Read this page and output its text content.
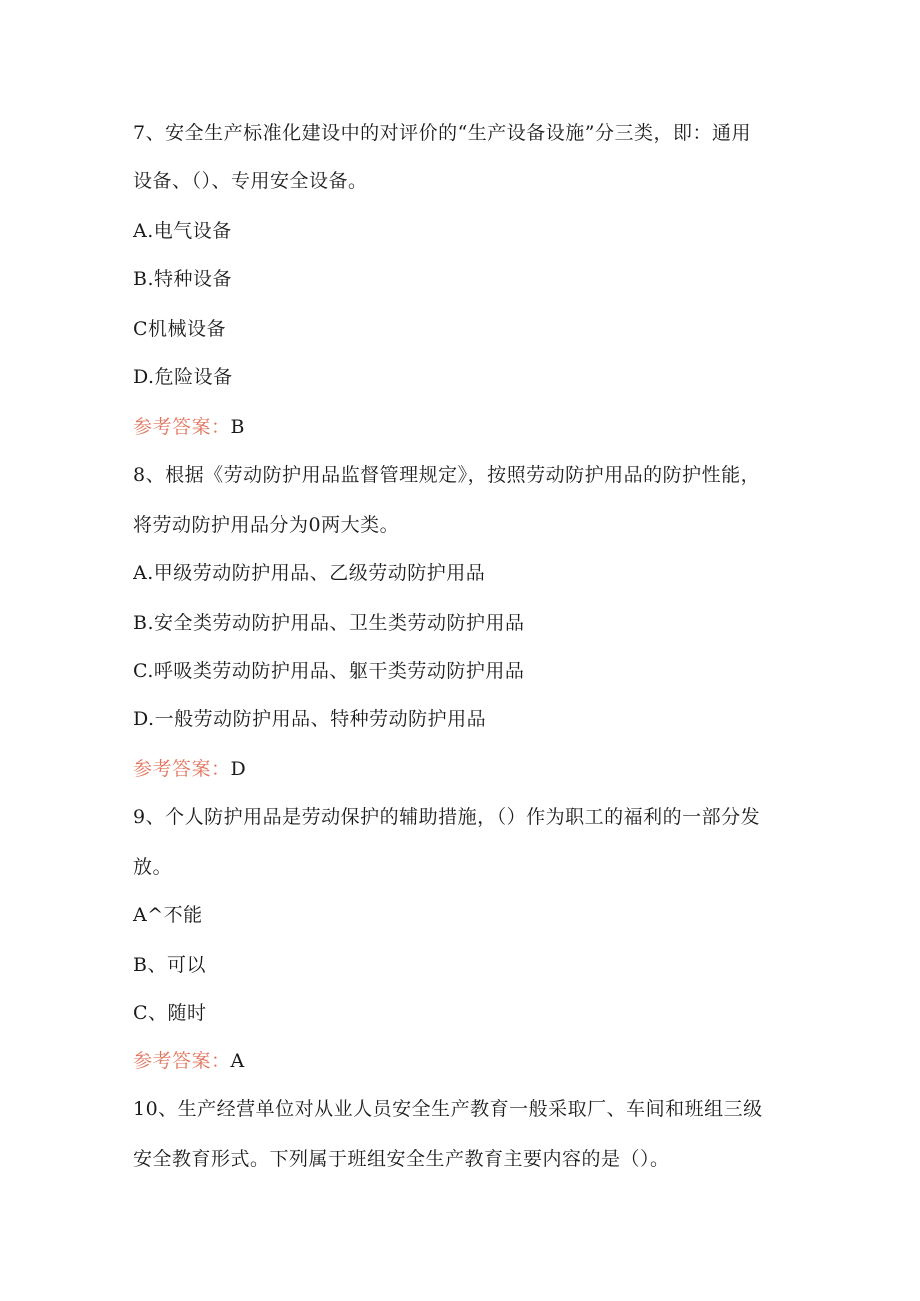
7、安全生产标准化建设中的对评价的“生产设备设施”分三类，即：通用
设备、（）、专用安全设备。
A.电气设备
B.特种设备
C机械设备
D.危险设备
参考答案：B
8、根据《劳动防护用品监督管理规定》，按照劳动防护用品的防护性能，
将劳动防护用品分为0两大类。
A.甲级劳动防护用品、乙级劳动防护用品
B.安全类劳动防护用品、卫生类劳动防护用品
C.呼吸类劳动防护用品、躯干类劳动防护用品
D.一般劳动防护用品、特种劳动防护用品
参考答案：D
9、个人防护用品是劳动保护的辅助措施，（）作为职工的福利的一部分发
放。
A^不能
B、可以
C、随时
参考答案：A
10、生产经营单位对从业人员安全生产教育一般采取厂、车间和班组三级
安全教育形式。下列属于班组安全生产教育主要内容的是（）。
